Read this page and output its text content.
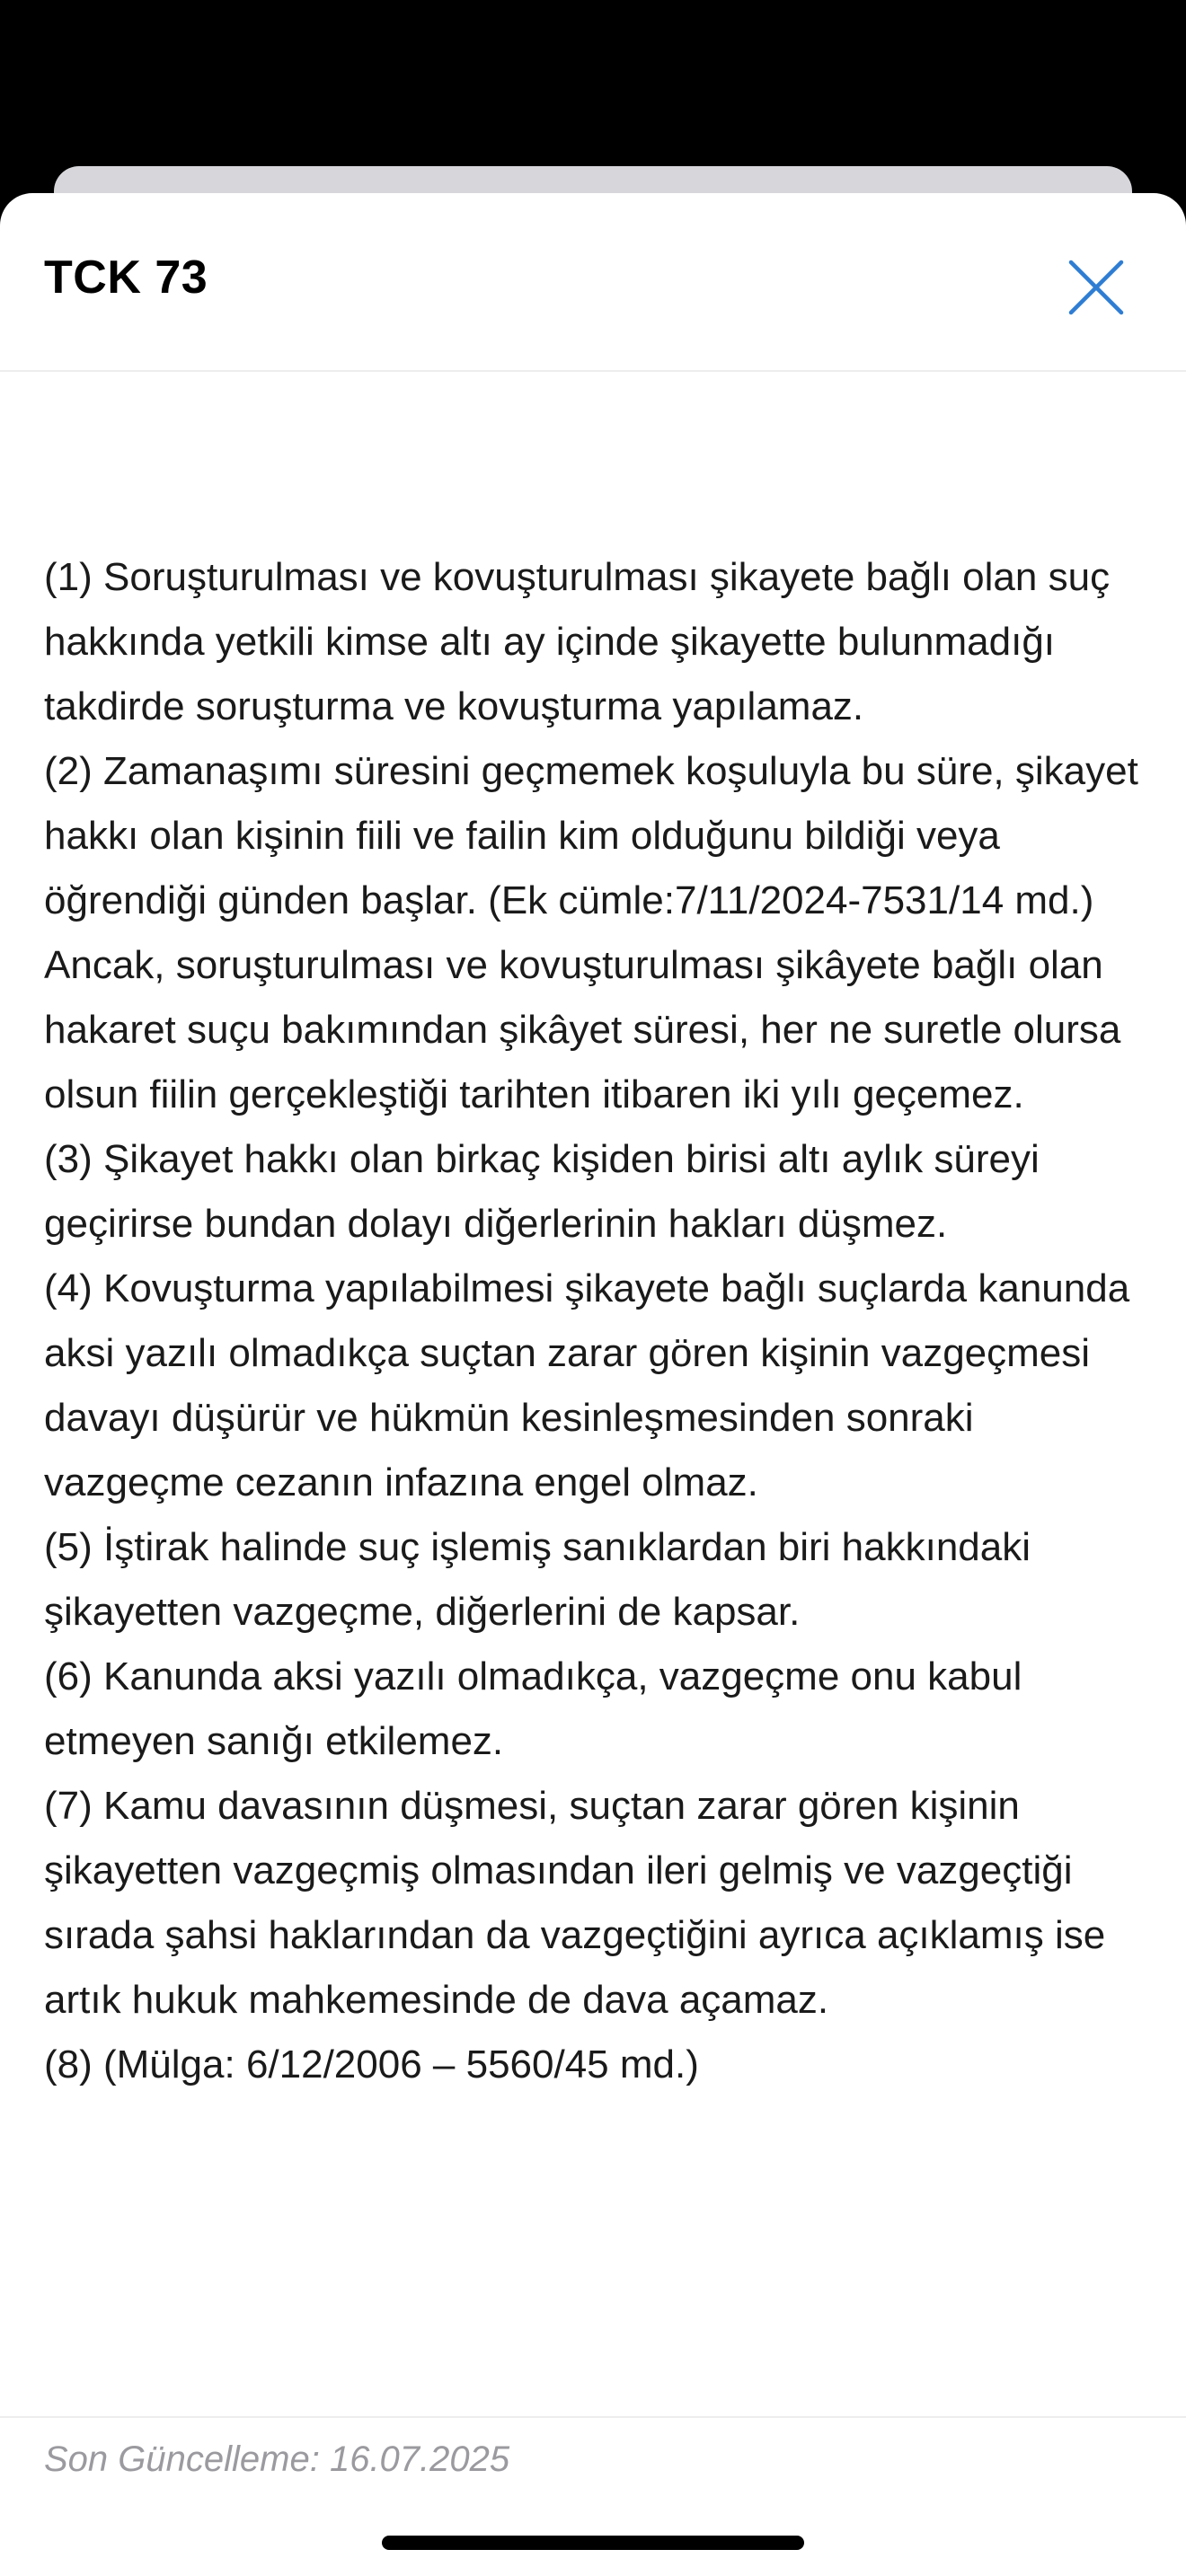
TCK 73

(1) Soruşturulması ve kovuşturulması şikayete bağlı olan suç hakkında yetkili kimse altı ay içinde şikayette bulunmadığı takdirde soruşturma ve kovuşturma yapılamaz.

(2) Zamanaşımı süresini geçmemek koşuluyla bu süre, şikayet hakkı olan kişinin fiili ve failin kim olduğunu bildiği veya öğrendiği günden başlar. (Ek cümle:7/11/2024-7531/14 md.) Ancak, soruşturulması ve kovuşturulması şikâyete bağlı olan hakaret suçu bakımından şikâyet süresi, her ne suretle olursa olsun fiilin gerçekleştiği tarihten itibaren iki yılı geçemez.

(3) Şikayet hakkı olan birkaç kişiden birisi altı aylık süreyi geçirirse bundan dolayı diğerlerinin hakları düşmez.

(4) Kovuşturma yapılabilmesi şikayete bağlı suçlarda kanunda aksi yazılı olmadıkça suçtan zarar gören kişinin vazgeçmesi davayı düşürür ve hükmün kesinleşmesinden sonraki vazgeçme cezanın infazına engel olmaz.

(5) İştirak halinde suç işlemiş sanıklardan biri hakkındaki şikayetten vazgeçme, diğerlerini de kapsar.

(6) Kanunda aksi yazılı olmadıkça, vazgeçme onu kabul etmeyen sanığı etkilemez.

(7) Kamu davasının düşmesi, suçtan zarar gören kişinin şikayetten vazgeçmiş olmasından ileri gelmiş ve vazgeçtiği sırada şahsi haklarından da vazgeçtiğini ayrıca açıklamış ise artık hukuk mahkemesinde de dava açamaz.

(8) (Mülga: 6/12/2006 – 5560/45 md.)

Son Güncelleme: 16.07.2025
